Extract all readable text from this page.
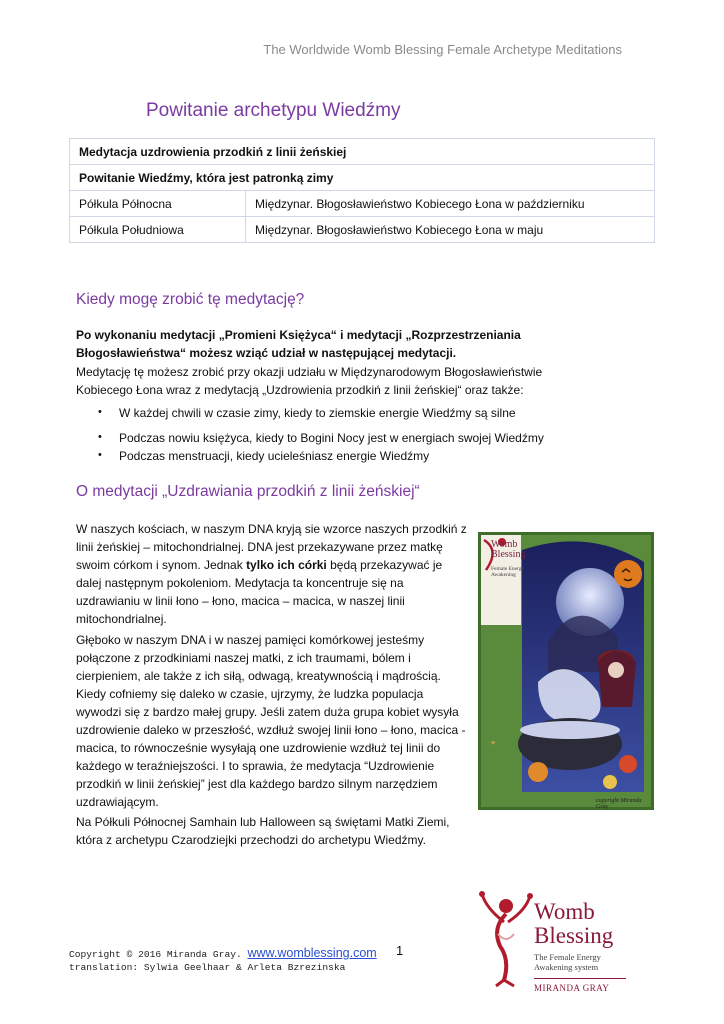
The Worldwide Womb Blessing Female Archetype Meditations
Powitanie archetypu Wiedźmy
Medytacja uzdrowienia przodkiń z linii żeńskiej	
Powitanie Wiedźmy, która jest patronką zimy	
Półkula Północna	Międzynar. Błogosławieństwo Kobiecego Łona w październiku
Półkula Południowa	Międzynar. Błogosławieństwo Kobiecego Łona w maju
Kiedy mogę zrobić tę medytację?
Po wykonaniu medytacji „Promieni Księżyca“ i medytacji „Rozprzestrzeniania
Błogosławieństwa“ możesz wziąć udział w następującej medytacji.
Medytację tę możesz zrobić przy okazji udziału w Międzynarodowym Błogosławieństwie
Kobiecego Łona wraz z medytacją „Uzdrowienia przodkiń z linii żeńskiej“ oraz także:
• W każdej chwili w czasie zimy, kiedy to ziemskie energie Wiedźmy są silne
• Podczas nowiu księżyca, kiedy to Bogini Nocy jest w energiach swojej Wiedźmy
• Podczas menstruacji, kiedy ucieleśniasz energie Wiedźmy
O medytacji „Uzdrawiania przodkiń z linii żeńskiej“
W naszych kościach, w naszym DNA kryją sie wzorce naszych przodkiń z linii żeńskiej – mitochondrialnej. DNA jest przekazywane przez matkę swoim córkom i synom. Jednak tylko ich córki będą przekazywać je dalej następnym pokoleniom. Medytacja ta koncentruje się na uzdrawianiu w linii łono – łono, macica – macica, w naszej linii mitochondrialnej.
Głęboko w naszym DNA i w naszej pamięci komórkowej jesteśmy połączone z przodkiniami naszej matki, z ich traumami, bólem i cierpieniem, ale także z ich siłą, odwagą, kreatywnością i mądrością. Kiedy cofniemy się daleko w czasie, ujrzymy, że ludzka populacja wywodzi się z bardzo małej grupy. Jeśli zatem duża grupa kobiet wysyła uzdrowienie daleko w przeszłość, wzdłuż swojej linii łono – łono, macica - macica, to równocześnie wysyłają one uzdrowienie wzdłuż tej linii do każdego w teraźniejszości. I to sprawia, że medytacja “Uzdrowienie przodkiń w linii żeńskiej” jest dla każdego bardzo silnym narzędziem uzdrawiającym.
Na Półkuli Północnej Samhain lub Halloween są świętami Matki Ziemi, która z archetypu Czarodziejki przechodzi do archetypu Wiedźmy.
✦
Womb
Blessing
Female Energy
Awakening
copyright Miranda Gray
Womb
Blessing
The Female Energy
Awakening system
MIRANDA GRAY
Copyright © 2016 Miranda Gray. www.womblessing.com 1
translation: Sylwia Geelhaar & Arleta Bzrezinska
